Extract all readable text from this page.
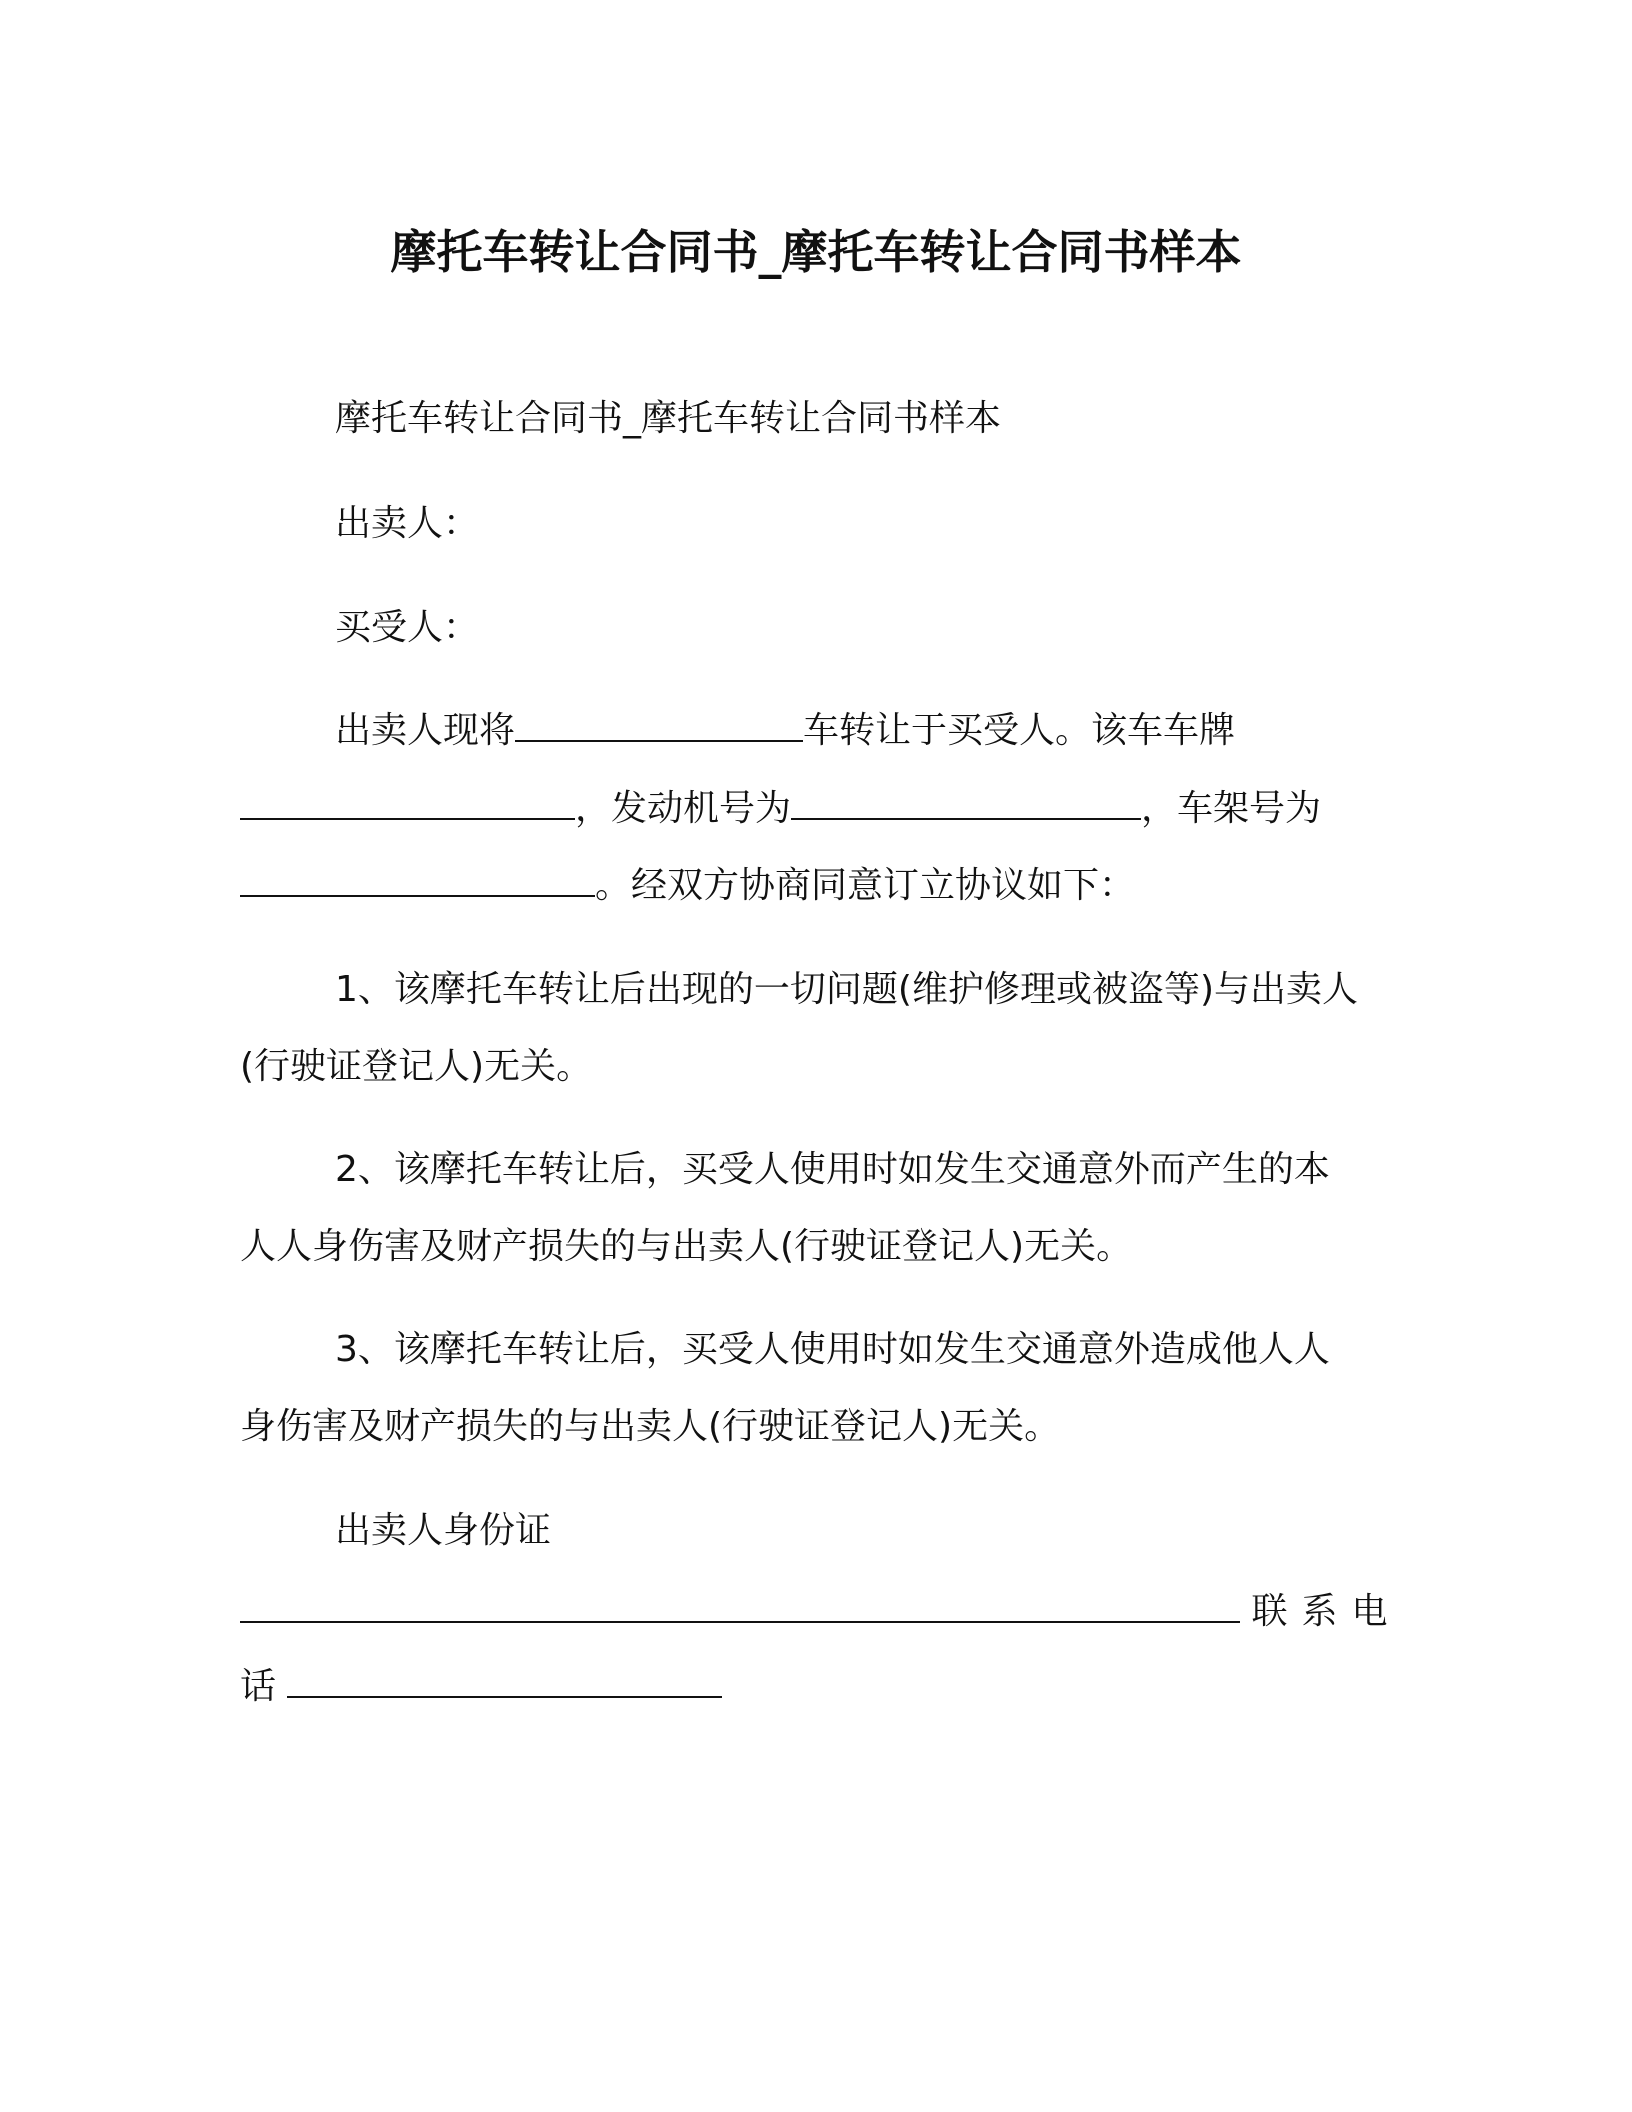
摩托车转让合同书_摩托车转让合同书样本
摩托车转让合同书_摩托车转让合同书样本
出卖人：
买受人：
出卖人现将	车转让于买受人。该车车牌
，发动机号为	，车架号为
。经双方协商同意订立协议如下：
1、该摩托车转让后出现的一切问题(维护修理或被盗等)与出卖人
(行驶证登记人)无关。
2、该摩托车转让后，买受人使用时如发生交通意外而产生的本
人人身伤害及财产损失的与出卖人(行驶证登记人)无关。
3、该摩托车转让后，买受人使用时如发生交通意外造成他人人
身伤害及财产损失的与出卖人(行驶证登记人)无关。
出卖人身份证
联系电
话
